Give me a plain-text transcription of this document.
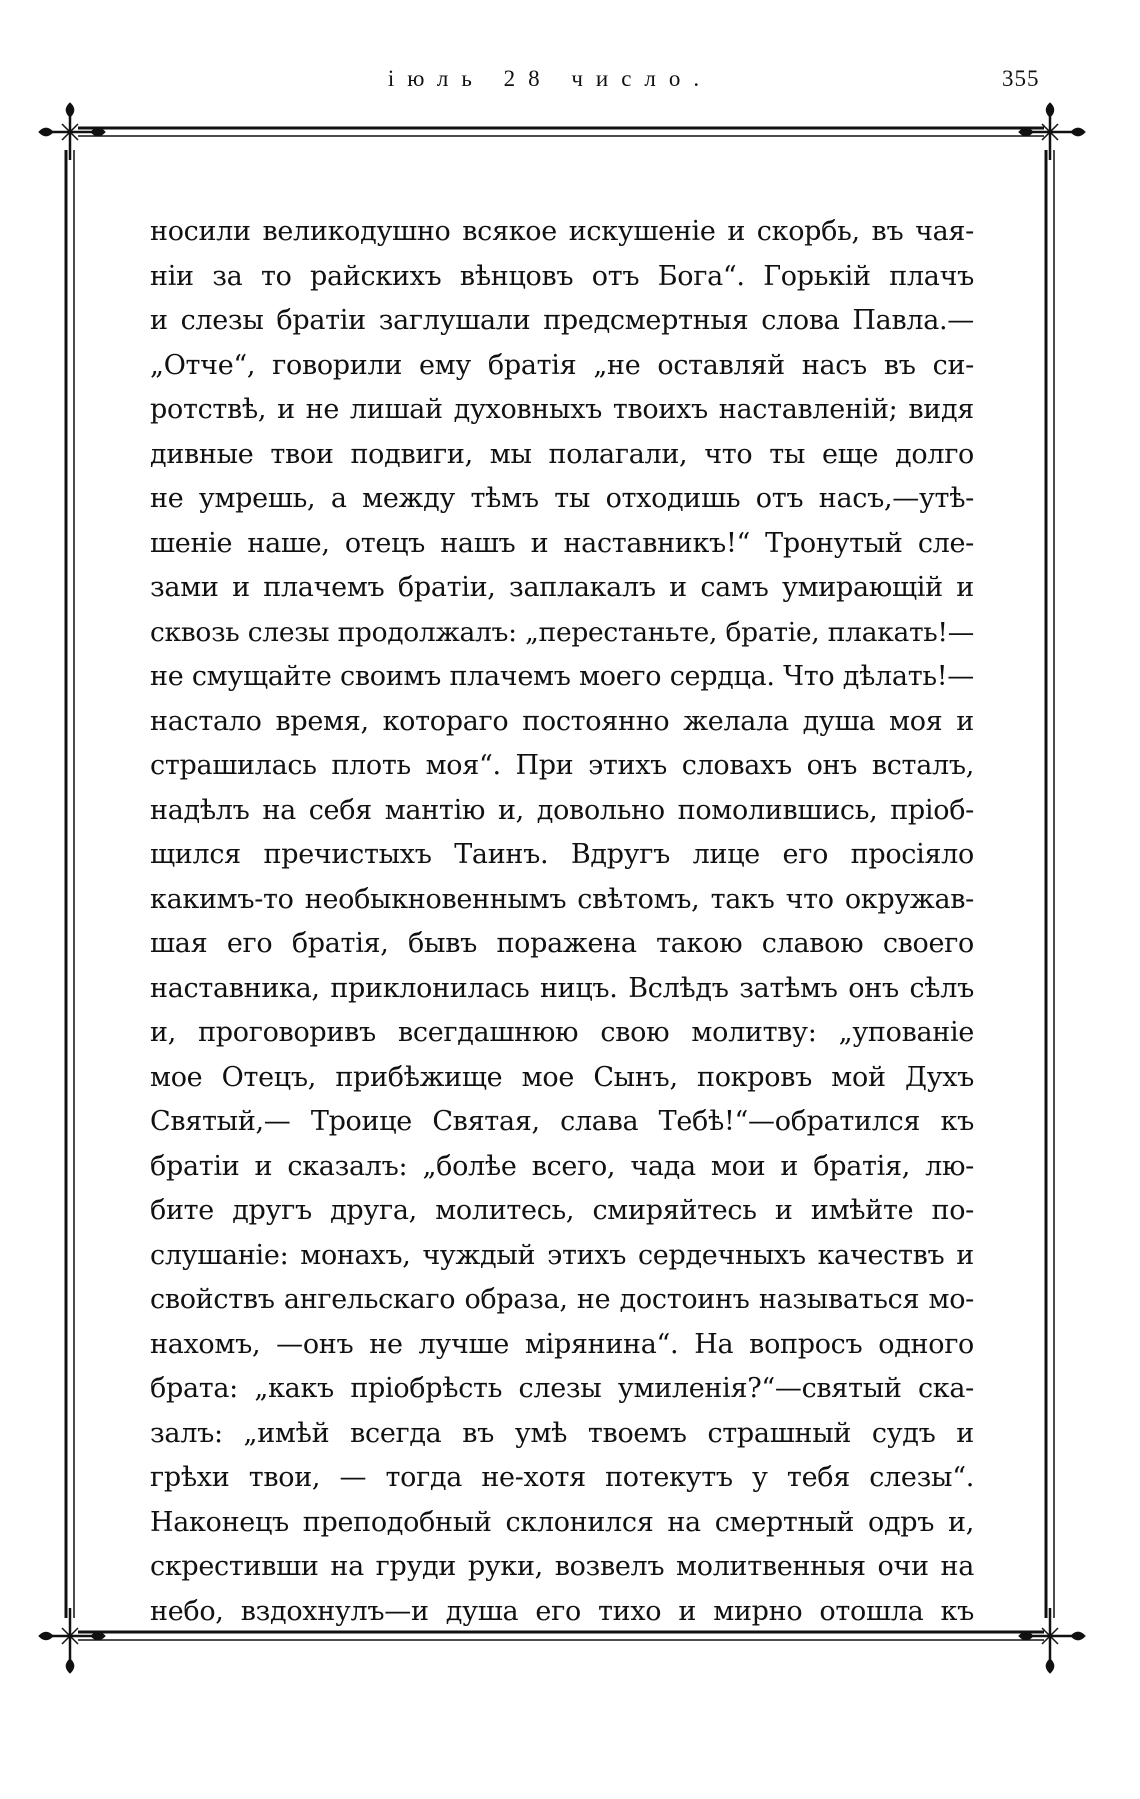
іюль 28 число.	355
носили великодушно всякое искушеніе и скорбь, въ чая-
ніи за то райскихъ вѣнцовъ отъ Бога“. Горькій плачъ
и слезы братіи заглушали предсмертныя слова Павла.—
„Отче“, говорили ему братія „не оставляй насъ въ си-
ротствѣ, и не лишай духовныхъ твоихъ наставленій; видя
дивные твои подвиги, мы полагали, что ты еще долго
не умрешь, а между тѣмъ ты отходишь отъ насъ,—утѣ-
шеніе наше, отецъ нашъ и наставникъ!“ Тронутый сле-
зами и плачемъ братіи, заплакалъ и самъ умирающій и
сквозь слезы продолжалъ: „перестаньте, братіе, плакать!—
не смущайте своимъ плачемъ моего сердца. Что дѣлать!—
настало время, котораго постоянно желала душа моя и
страшилась плоть моя“. При этихъ словахъ онъ всталъ,
надѣлъ на себя мантію и, довольно помолившись, пріоб-
щился пречистыхъ Таинъ. Вдругъ лице его просіяло
какимъ-то необыкновеннымъ свѣтомъ, такъ что окружав-
шая его братія, бывъ поражена такою славою своего
наставника, приклонилась ницъ. Вслѣдъ затѣмъ онъ сѣлъ
и, проговоривъ всегдашнюю свою молитву: „упованіе
мое Отецъ, прибѣжище мое Сынъ, покровъ мой Духъ
Святый,— Троице Святая, слава Тебѣ!“—обратился къ
братіи и сказалъ: „болѣе всего, чада мои и братія, лю-
бите другъ друга, молитесь, смиряйтесь и имѣйте по-
слушаніе: монахъ, чуждый этихъ сердечныхъ качествъ и
свойствъ ангельскаго образа, не достоинъ называться мо-
нахомъ, —онъ не лучше мірянина“. На вопросъ одного
брата: „какъ пріобрѣсть слезы умиленія?“—святый ска-
залъ: „имѣй всегда въ умѣ твоемъ страшный судъ и
грѣхи твои, — тогда не-хотя потекутъ у тебя слезы“.
Наконецъ преподобный склонился на смертный одръ и,
скрестивши на груди руки, возвелъ молитвенныя очи на
небо, вздохнулъ—и душа его тихо и мирно отошла къ
